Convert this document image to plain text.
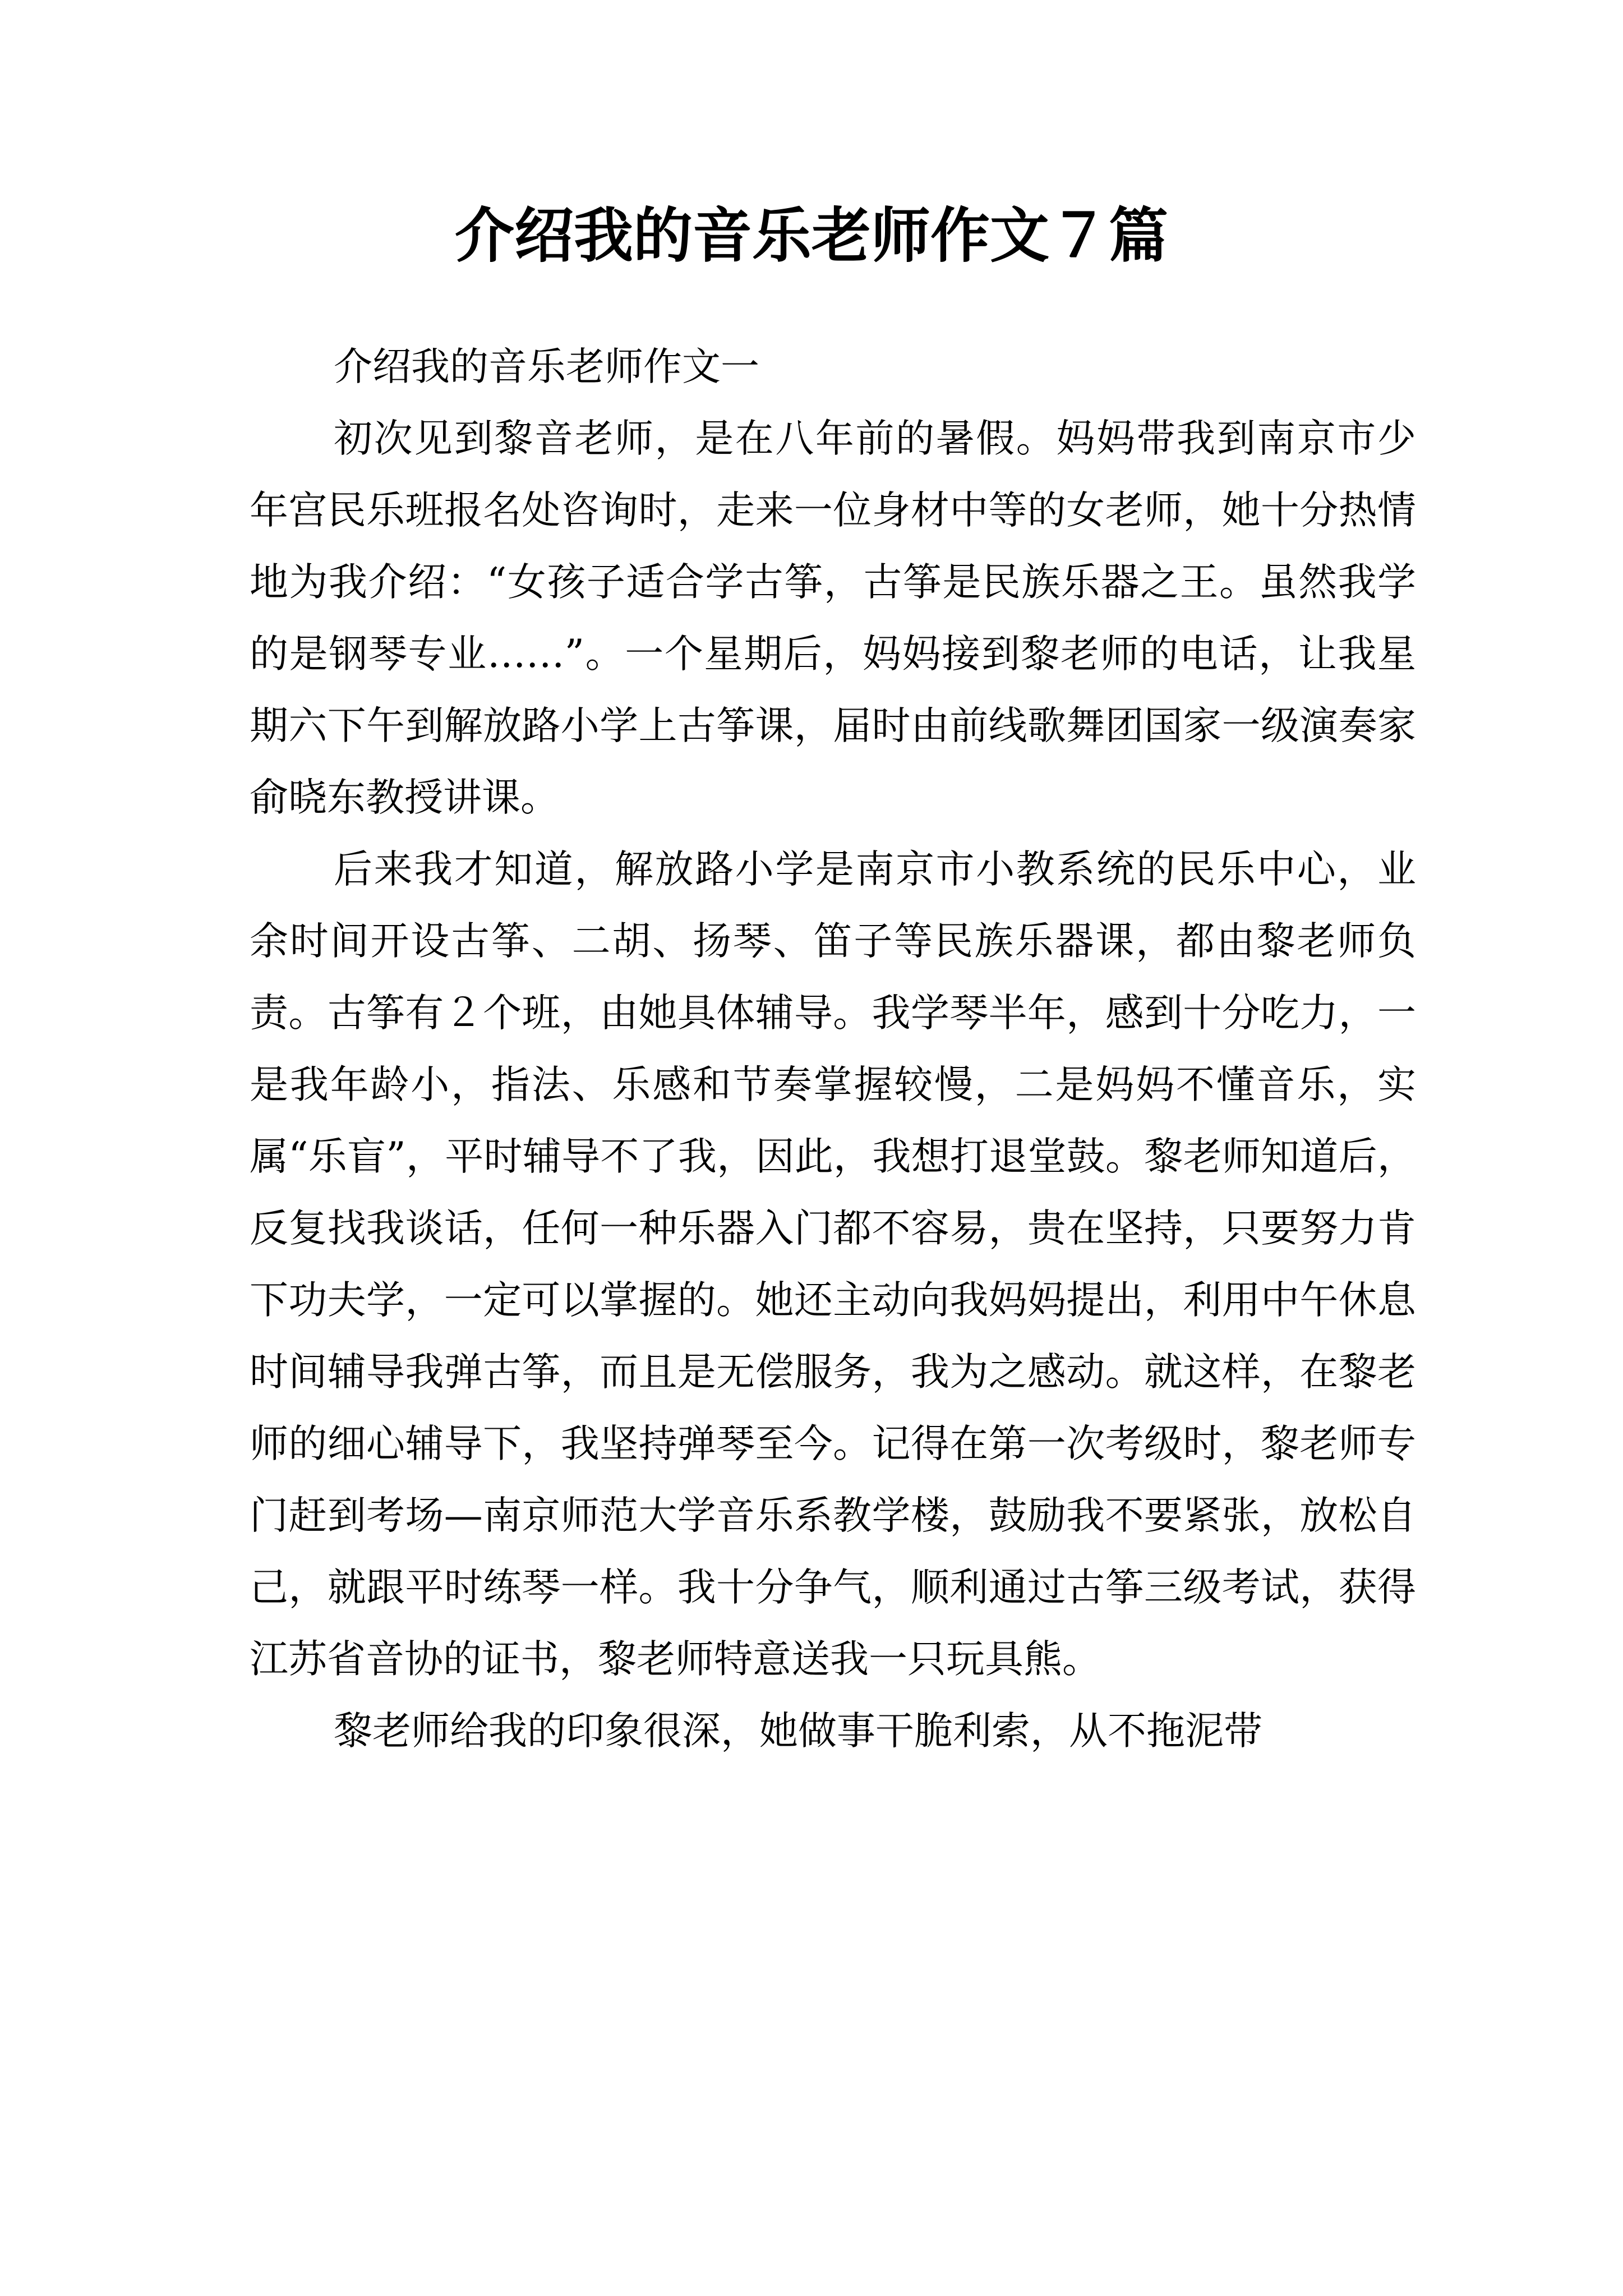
介绍我的音乐老师作文７篇

介绍我的音乐老师作文一

初次见到黎音老师，是在八年前的暑假。妈妈带我到南京市少年宫民乐班报名处咨询时，走来一位身材中等的女老师，她十分热情地为我介绍：“女孩子适合学古筝，古筝是民族乐器之王。虽然我学的是钢琴专业……”。一个星期后，妈妈接到黎老师的电话，让我星期六下午到解放路小学上古筝课，届时由前线歌舞团国家一级演奏家俞晓东教授讲课。

后来我才知道，解放路小学是南京市小教系统的民乐中心，业余时间开设古筝、二胡、扬琴、笛子等民族乐器课，都由黎老师负责。古筝有２个班，由她具体辅导。我学琴半年，感到十分吃力，一是我年龄小，指法、乐感和节奏掌握较慢，二是妈妈不懂音乐，实属“乐盲”，平时辅导不了我，因此，我想打退堂鼓。黎老师知道后，反复找我谈话，任何一种乐器入门都不容易，贵在坚持，只要努力肯下功夫学，一定可以掌握的。她还主动向我妈妈提出，利用中午休息时间辅导我弹古筝，而且是无偿服务，我为之感动。就这样，在黎老师的细心辅导下，我坚持弹琴至今。记得在第一次考级时，黎老师专门赶到考场—南京师范大学音乐系教学楼，鼓励我不要紧张，放松自己，就跟平时练琴一样。我十分争气，顺利通过古筝三级考试，获得江苏省音协的证书，黎老师特意送我一只玩具熊。

黎老师给我的印象很深，她做事干脆利索，从不拖泥带
